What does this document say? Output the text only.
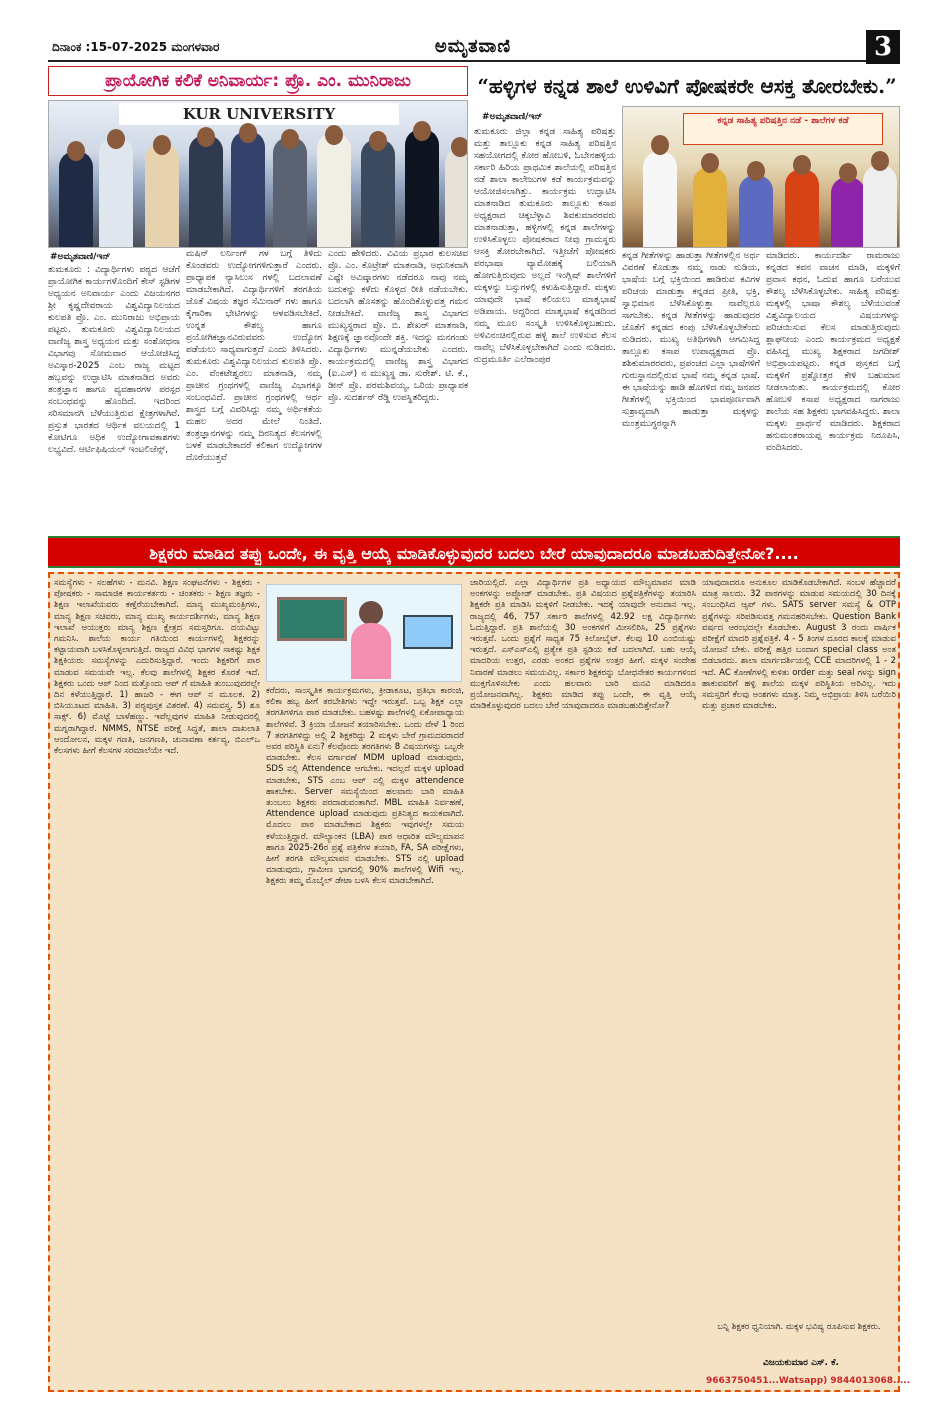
ದಿನಾಂಕ :15-07-2025 ಮಂಗಳವಾರ	ಅಮೃತವಾಣಿ	3
ಪ್ರಾಯೋಗಿಕ ಕಲಿಕೆ ಅನಿವಾರ್ಯ: ಪ್ರೊ. ಎಂ. ಮುನಿರಾಜು
KUR UNIVERSITY
#ಅಮೃತವಾಣಿ/ಇನ್
ತುಮಕೂರು : ವಿದ್ಯಾರ್ಥಿಗಳು ಪಠ್ಯದ ಆಚೆಗೆ ಪ್ರಾಯೋಗಿಕ ಕಾರ್ಯಗಳೊಂದಿಗೆ ಕೇಸ್ ಸ್ಟಡಿಗಳ ಅಧ್ಯಯನ ಅನಿವಾರ್ಯ ಎಂದು ವಿಜಯನಗರ ಶ್ರೀ ಕೃಷ್ಣದೇವರಾಯ ವಿಶ್ವವಿದ್ಯಾನಿಲಯದ ಕುಲಪತಿ ಪ್ರೊ. ಎಂ. ಮುನಿರಾಜು ಅಭಿಪ್ರಾಯ ಪಟ್ಟರು. ತುಮಕೂರು ವಿಶ್ವವಿದ್ಯಾನಿಲಯದ ವಾಣಿಜ್ಯ ಶಾಸ್ತ್ರ ಅಧ್ಯಯನ ಮತ್ತು ಸಂಶೋಧನಾ ವಿಭಾಗವು ಸೋಮವಾರ ಆಯೋಜಿಸಿದ್ದ ಅವಿಸ್ಕಾರ-2025 ಎಂಬ ರಾಜ್ಯ ಮಟ್ಟದ ಹಬ್ಬವನ್ನು ಉದ್ಘಾಟಿಸಿ ಮಾತನಾಡಿದ ಅವರು ತಂತ್ರಜ್ಞಾನ ಹಾಗೂ ವ್ಯವಹಾರಗಳ ಪರಸ್ಪರ ಸಂಬಂಧವನ್ನು ಹೊಂದಿದೆ. ಇದರಿಂದ ಸರಿಸಮಾನಗಿ ಬೆಳೆಯುತ್ತಿರುವ ಕ್ಷೇತ್ರಗಳಾಗಿವೆ. ಪ್ರಸ್ತುತ ಭಾರತದ ಆರ್ಥಿಕ ವಲಯದಲ್ಲಿ 1 ಕೋಟಿಗೂ ಅಧಿಕ ಉದ್ಯೋಗಾವಕಾಶಗಳು ಲಭ್ಯವಿದೆ. ಆರ್ಟಿಫಿಷಿಯಲ್ ಇಂಟಲಿಜೆನ್ಸ್,
ಮಷಿನ್ ಲರ್ನಿಂಗ್ ಗಳ ಬಗ್ಗೆ ತಿಳಿದು ಕೊಂಡವರು ಉದ್ಯೋಗಗಳಿಗುತ್ತಾರೆ ಎಂದರು. ಪ್ರಾಧ್ಯಾಪಕ ನ್ಯಾಸಿಲುಸ ಗಳಲ್ಲಿ ಬದಲಾವಣೆ ಮಾಡಬೇಕಾಗಿದೆ. ವಿದ್ಯಾರ್ಥಿಗಳಿಗೆ ತರಗತಿಯ ಜೊತೆ ವಿಷಯ ತಜ್ಞರ ಸೆಮಿನಾರ್ ಗಳು ಹಾಗೂ ಕೈಗಾರಿಕಾ ಭೇಟಿಗಳನ್ನು ಆಳವಡಿಸಬೇಕಿದೆ. ಉನ್ನತ ಕೌಶಲ್ಯ ಹಾಗೂ ಪ್ರಯೋಗಿಕಜ್ಞಾನವಿರುವವರು ಉದ್ಯೋಗ ಪಡೆಯಲು ಸಾಧ್ಯವಾಗುತ್ತದೆ ಎಂದು ತಿಳಿಸಿದರು. ತುಮಕೂರು ವಿಶ್ವವಿದ್ಯಾನಿಲಯದ ಕುಲಪತಿ ಪ್ರೊ. ಎಂ. ವೆಂಕಟೇಶ್ವರಲು ಮಾತನಾಡಿ, ನಮ್ಮ ಪ್ರಾಚೀನ ಗ್ರಂಥಗಳಲ್ಲಿ ವಾಣಿಜ್ಯ ವಿಭಾಗಕ್ಕೂ ಸಂಬಂಧವಿದೆ. ಪ್ರಾಚೀನ ಗ್ರಂಥಗಳಲ್ಲಿ ಆರ್ಥ ಶಾಸ್ತ್ರದ ಬಗ್ಗೆ ವಿವರಿಸಿದ್ದು ನಮ್ಮ ಅರ್ಥಿಕತೆಯ ಮಹಲ ಅದರ ಮೇಲೆ ನಿಂತಿದೆ. ತಂತ್ರಜ್ಞಾನಗಳನ್ನು ನಮ್ಮ ದಿನನಿತ್ಯದ ಕೆಲಸಗಳಲ್ಲಿ ಬಳಕೆ ಮಾಡಬೇಕಾದರೆ ಕಲಿಕಾಗ ಉದ್ಯೋಗಗಳ ದೊರೆಯುತ್ತವೆ
ಎಂದು ಹೇಳಿದರು. ವಿವಿಯ ಪ್ರಭಾರ ಕುಲಸಚಿವ ಪ್ರೊ. ಎಂ. ಕೊಟ್ರೇಶ್ ಮಾತನಾಡಿ, ಅಧುನಿಕವಾಗಿ ಎಷ್ಟೇ ಅವಿಷ್ಕಾರಗಳು ನಡೆದರೂ ನಾವು ನಮ್ಮ ಬದುಕನ್ನು ಕಳೆದು ಕೊಳ್ಳದ ರೀತಿ ನಡೆಯಬೇಕು. ಬದಲಾಗಿ ಹೊಸತನ್ನು ಹೊಂದಿಕೊಳ್ಳುವತ್ತ ಗಮನ ನೀಡಬೇಕಿದೆ. ವಾಣಿಜ್ಯ ಶಾಸ್ತ್ರ ವಿಭಾಗದ ಮುಖ್ಯಸ್ಥರಾದ ಪ್ರೊ. ಬಿ. ಶೇಖರ್ ಮಾತನಾಡಿ, ಶಿಕ್ಷಣಕ್ಕೆ ಜ್ಞಾನವೊಂದೇ ಶಕ್ತಿ. ಇದನ್ನು ಮನಗಂಡು ವಿದ್ಯಾರ್ಥಿಗಳು ಮುನ್ನಡೆಯಬೇಕು ಎಂದರು. ಕಾರ್ಯಕ್ರಮದಲ್ಲಿ ವಾಣಿಜ್ಯ ಶಾಸ್ತ್ರ ವಿಭಾಗದ (ಐ.ಎಸ್) ನ ಮುಖ್ಯಸ್ಥ ಡಾ. ಸುರೇಶ್. ಟಿ. ಕೆ., ಡೀನ್ ಪ್ರೊ. ಪರಮಶಿವಯ್ಯ, ಒರಿಯ ಪ್ರಾಧ್ಯಾಪಕ ಪ್ರೊ. ಸುದರ್ಶನ್ ರೆಡ್ಡಿ ಉಪಸ್ಥಿತರಿದ್ದರು.
“ಹಳ್ಳಿಗಳ ಕನ್ನಡ ಶಾಲೆ ಉಳಿವಿಗೆ ಪೋಷಕರೇ ಆಸಕ್ತ ತೋರಬೇಕು.”
#ಅಮೃತವಾಣಿ/ಇನ್
ತುಮಕೂರು ಜಿಲ್ಲಾ ಕನ್ನಡ ಸಾಹಿತ್ಯ ಪರಿಷತ್ತು ಮತ್ತು ತಾಲ್ಲೂಕು ಕನ್ನಡ ಸಾಹಿತ್ಯ ಪರಿಷತ್ತಿನ ಸಹಯೋಗದಲ್ಲಿ ಕೋರ ಹೋಬಳಿ, ಓಬೇನಹಳ್ಳಿಯ ಸರ್ಕಾರಿ ಹಿರಿಯ ಪ್ರಾಥಮಿಕ ಶಾಲೆಯಲ್ಲಿ ಪರಿಷತ್ತಿನ ನಡೆ ಶಾಲಾ ಕಾಲೇಜುಗಳ ಕಡೆ ಕಾರ್ಯಕ್ರಮವನ್ನು ಆಯೋಜಿಸಲಾಗಿತ್ತು. ಕಾರ್ಯಕ್ರಮ ಉದ್ಘಾಟಿಸಿ ಮಾತನಾಡಿದ ತುಮಕೂರು ತಾಲ್ಲೂಕು ಕಸಾಪ ಅಧ್ಯಕ್ಷರಾದ ಚಿಕ್ಕಬೆಳ್ಳಾವಿ ಶಿವಕುಮಾರರವರು ಮಾತನಾಡುತ್ತಾ, ಹಳ್ಳಿಗಳಲ್ಲಿ ಕನ್ನಡ ಶಾಲೆಗಳನ್ನು ಉಳಿಸಿಕೊಳ್ಳಲು ಪೋಷಕರಾದ ನೀವು ಗ್ರಾಮಸ್ಥರು ಆಸಕ್ತಿ ತೋರಬೇಕಾಗಿದೆ. ಇತ್ತೀಚೆಗೆ ಪೋಷಕರು ಪರಭಾಷಾ ವ್ಯಾಮೋಹಕ್ಕೆ ಬಲಿಯಾಗಿ ಹೋಗುತ್ತಿರುವುದು ಅಲ್ಲದೆ ಇಂಗ್ಲಿಷ್ ಶಾಲೆಗಳಿಗೆ ಮಕ್ಕಳನ್ನು ಬಸ್ಸುಗಳಲ್ಲಿ ಕಳುಹಿಸುತ್ತಿದ್ದಾರೆ. ಮಕ್ಕಳು ಯಾವುದೇ ಭಾಷೆ ಕಲಿಯಲು ಮಾತೃಭಾಷೆ ಅಡಿಪಾಯ. ಅದ್ದರಿಂದ ಮಾತೃಭಾಷೆ ಕನ್ನಡದಿಂದ ನಮ್ಮ ಮೂಲ ಸಂಸ್ಕೃತಿ ಉಳಿಸಿಕೊಳ್ಳಬಹುದು. ಅಳಿವಿನಂಚಿನಲ್ಲಿರುವ ಹಳ್ಳಿ ಶಾಲೆ ಉಳಿಸುವ ಕೆಲಸ ನಾವೆಲ್ಲ ಬೆಳೆಸಿಕೊಳ್ಳಬೇಕಾಗಿದೆ ಎಂದು ನುಡಿದರು. ರುದ್ರಮೂರ್ತಿ ಎಲೆರಾಂಪುರ
ಕನ್ನಡ ಸಾಹಿತ್ಯ ಪರಿಷತ್ತಿನ ನಡೆ - ಶಾಲೆಗಳ ಕಡೆ
ಕನ್ನಡ ಗೀತೆಗಳನ್ನು ಹಾಡುತ್ತಾ ಗೀತೆಗಳಲ್ಲಿನ ಅರ್ಥ ವಿವರಣೆ ಕೊಡುತ್ತಾ ನಮ್ಮ ನಾಡು ನುಡಿಯ, ಭಾಷೆಯ ಬಗ್ಗೆ ಭಕ್ತಿಯಿಂದ ಹಾಡಿರುವ ಕವಿಗಳ ಪರಿಚಯ ಮಾಡುತ್ತಾ ಕನ್ನಡದ ಪ್ರೀತಿ, ಭಕ್ತಿ, ಸ್ವಾಭಿಮಾನ ಬೆಳೆಸಿಕೊಳ್ಳುತ್ತಾ ನಾವೆಲ್ಲರೂ ಸಾಗಬೇಕು. ಕನ್ನಡ ಗೀತೆಗಳನ್ನು ಹಾಡುವುದರ ಜೊತೆಗೆ ಕನ್ನಡದ ಕಂಪು ಬೆಳೆಸಿಕೊಳ್ಳಬೇಕೆಂದು ನುಡಿದರು. ಮುಖ್ಯ ಅತಿಥಿಗಳಾಗಿ ಆಗಮಿಸಿದ್ದ ತಾಲ್ಲೂಕು ಕಸಾಪ ಉಪಾಧ್ಯಕ್ಷರಾದ ಪ್ರೊ. ಶಶಿಕುಮಾರರವರು, ಪ್ರಪಂಚದ ಎಲ್ಲಾ ಭಾಷೆಗಳಿಗೆ ಗುರುಸ್ಥಾನದಲ್ಲಿರುವ ಭಾಷೆ ನಮ್ಮ ಕನ್ನಡ ಭಾಷೆ. ಈ ಭಾಷೆಯನ್ನು ಹಾಡಿ ಹೊಗಳಿದ ನಮ್ಮ ಜನಪದ ಗೀತೆಗಳಲ್ಲಿ ಭಕ್ತಿಯಿಂದ ಭಾವಪೂರ್ಣವಾಗಿ ಸುಶ್ರಾವ್ಯವಾಗಿ ಹಾಡುತ್ತಾ ಮಕ್ಕಳನ್ನು ಮಂತ್ರಮುಗ್ಧರನ್ನಾಗಿ
ಮಾಡಿದರು. ಕಾರ್ಯದರ್ಶಿ ರಾಮರಾಜು ಕನ್ನಡದ ಕವನ ವಾಚನ ಮಾಡಿ, ಮಕ್ಕಳಿಗೆ ಪ್ರವಾಸ ಕಥನ, ಓದುವ ಹಾಗೂ ಬರೆಯುವ ಕೌಶಲ್ಯ ಬೆಳೆಸಿಕೊಳ್ಳಬೇಕು. ಸಾಹಿತ್ಯ ಪರಿಷತ್ತು ಮಕ್ಕಳಲ್ಲಿ ಭಾಷಾ ಕೌಶಲ್ಯ ಬೆಳೆಯುವಂತೆ ವಿಶ್ವವಿದ್ಯಾಲಯದ ವಿಷಯಗಳನ್ನು ಪರಿಚಯಿಸುವ ಕೆಲಸ ಮಾಡುತ್ತಿರುವುದು ಶ್ಲಾಘನೀಯ ಎಂದು ಕಾರ್ಯಕ್ರಮದ ಅಧ್ಯಕ್ಷತೆ ವಹಿಸಿದ್ದ ಮುಖ್ಯ ಶಿಕ್ಷಕರಾದ ಜಗದೀಶ್ ಅಭಿಪ್ರಾಯಪಟ್ಟರು. ಕನ್ನಡ ಪುಸ್ತಕದ ಬಗ್ಗೆ ಮಕ್ಕಳಿಗೆ ಪ್ರಶ್ನೋತ್ತರ ಕೇಳಿ ಬಹುಮಾನ ನೀಡಲಾಯಿತು. ಕಾರ್ಯಕ್ರಮದಲ್ಲಿ ಕೋರ ಹೋಬಳಿ ಕಸಾಪ ಅಧ್ಯಕ್ಷರಾದ ನಾಗರಾಜು ಶಾಲೆಯ ಸಹ ಶಿಕ್ಷಕರು ಭಾಗವಹಿಸಿದ್ದರು. ಶಾಲಾ ಮಕ್ಕಳು ಪ್ರಾರ್ಥನೆ ಮಾಡಿದರು. ಶಿಕ್ಷಕರಾದ ಹನುಮಂತರಾಯಪ್ಪ ಕಾರ್ಯಕ್ರಮ ನಿರೂಪಿಸಿ, ವಂದಿಸಿದರು.
ಶಿಕ್ಷಕರು ಮಾಡಿದ ತಪ್ಪು ಒಂದೇ, ಈ ವೃತ್ತಿ ಆಯ್ಕೆ ಮಾಡಿಕೊಳ್ಳುವುದರ ಬದಲು ಬೇರೆ ಯಾವುದಾದರೂ ಮಾಡಬಹುದಿತ್ತೇನೋ?....
ಸಮಸ್ಯೆಗಳು - ಸಲಹೆಗಳು - ಮನವಿ. ಶಿಕ್ಷಣ ಸಂಘಟನೆಗಳು - ಶಿಕ್ಷಕರು - ಪೋಷಕರು - ಸಾಮಾಜಿಕ ಕಾರ್ಯಕರ್ತರು - ಚಿಂತಕರು - ಶಿಕ್ಷಣ ತಜ್ಞರು - ಶಿಕ್ಷಣ ಇಲಾಖೆಯವರು ಕಣ್ತೆರೆಯಬೇಕಾಗಿದೆ. ಮಾನ್ಯ ಮುಖ್ಯಮಂತ್ರಿಗಳು, ಮಾನ್ಯ ಶಿಕ್ಷಣ ಸಚಿವರು, ಮಾನ್ಯ ಮುಖ್ಯ ಕಾರ್ಯದರ್ಶಿಗಳು, ಮಾನ್ಯ ಶಿಕ್ಷಣ ಇಲಾಖೆ ಆಯುಕ್ತರು ಮಾನ್ಯ ಶಿಕ್ಷಣ ಕ್ಷೇತ್ರದ ಸಮಸ್ತರಿಗೂ. ದಯವಿಟ್ಟು ಗಮನಿಸಿ. ಶಾಲೆಯ ಕಾರ್ಯ ಗತಿಯಿಂದ ಕಾರ್ಯಗಳಲ್ಲಿ ಶಿಕ್ಷಕರನ್ನು ಕಟ್ಟಾಯವಾಗಿ ಬಳಸಿಕೊಳ್ಳಲಾಗುತ್ತಿದೆ. ರಾಜ್ಯದ ವಿವಿಧ ಭಾಗಗಳ ಸಾಕಷ್ಟು ಶಿಕ್ಷಕ ಶಿಕ್ಷಕಿಯರು ಸಮಸ್ಯೆಗಳನ್ನು ಎದುರಿಸುತ್ತಿದ್ದಾರೆ. ಇಂದು ಶಿಕ್ಷಕರಿಗೆ ಪಾಠ ಮಾಡುವ ಸಮಯವೇ ಇಲ್ಲ. ಕೆಲವು ಶಾಲೆಗಳಲ್ಲಿ ಶಿಕ್ಷಕರ ಕೊರತೆ ಇದೆ. ಶಿಕ್ಷಕರು ಒಂದು ಆಪ್ ನಿಂದ ಮತ್ತೊಂದು ಆಪ್ ಗೆ ಮಾಹಿತಿ ತುಂಬುವುದರಲ್ಲೇ ದಿನ ಕಳೆಯುತ್ತಿದ್ದಾರೆ. 1) ಹಾಜರಿ - ಈಗ ಆಪ್ ನ ಮೂಲಕ. 2) ಬಿಸಿಯೂಟದ ಮಾಹಿತಿ. 3) ಪಠ್ಯಪುಸ್ತಕ ವಿತರಣೆ. 4) ಸಮವಸ್ತ್ರ. 5) ಶೂ ಸಾಕ್ಸ್. 6) ಮೊಟ್ಟೆ ಬಾಳೆಹಣ್ಣು. ಇವೆಲ್ಲವುಗಳ ಮಾಹಿತಿ ನೀಡುವುದರಲ್ಲಿ ಮಗ್ನರಾಗಿದ್ದಾರೆ. NMMS, NTSE ಪರೀಕ್ಷೆ ಸಿದ್ಧತೆ, ಶಾಲಾ ದಾಖಲಾತಿ ಆಂದೋಲನ, ಮಕ್ಕಳ ಗಣತಿ, ಜನಗಣತಿ, ಚುನಾವಣಾ ಕರ್ತವ್ಯ, ಬಿಎಲ್ಒ ಕೆಲಸಗಳು ಹೀಗೆ ಕೆಲಸಗಳ ಸರಮಾಲೆಯೇ ಇದೆ.
ಕರೆದರು, ಸಾಂಸ್ಕೃತಿಕ ಕಾರ್ಯಕ್ರಮಗಳು, ಕ್ರೀಡಾಕೂಟ, ಪ್ರತಿಭಾ ಕಾರಂಜಿ, ಕಲಿಕಾ ಹಬ್ಬ ಹೀಗೆ ತರಬೇತಿಗಳು ಇದ್ದೇ ಇರುತ್ತವೆ. ಒಬ್ಬ ಶಿಕ್ಷಕ ಎಲ್ಲಾ ತರಗತಿಗಳಿಗೂ ಪಾಠ ಮಾಡಬೇಕು. ಬಹಳಷ್ಟು ಶಾಲೆಗಳಲ್ಲಿ ಏಕೋಪಾಧ್ಯಾಯ ಶಾಲೆಗಳಿವೆ. 3 ಕ್ರಿಯಾ ಯೋಜನೆ ತಯಾರಿಸಬೇಕು. ಒಂದು ವೇಳೆ 1 ರಿಂದ 7 ತರಗತಿಗಳಿದ್ದು ಅಲ್ಲಿ 2 ಶಿಕ್ಷಕರಿದ್ದು 2 ಮಕ್ಕಳು ಬೇರೆ ಗ್ರಾಮದವರಾದರೆ ಅವರ ಪರಿಸ್ಥಿತಿ ಏನು? ಕೆಲವೊಂದು ತರಗತಿಗಳು 8 ವಿಷಯಗಳನ್ನು ಒಬ್ಬರೇ ಮಾಡಬೇಕು. ಕೆಲಸ ವರ್ಗಾವಣೆ MDM upload ಮಾಡುವುದು, SDS ನಲ್ಲಿ Attendence ಆಗಬೇಕು. ಇದಲ್ಲದೆ ಮಕ್ಕಳ upload ಮಾಡಬೇಕು, STS ಎಂಬ ಆಪ್ ನಲ್ಲಿ ಮಕ್ಕಳ attendence ಹಾಕಬೇಕು. Server ಸಮಸ್ಯೆಯಿಂದ ಹಲವಾರು ಬಾರಿ ಮಾಹಿತಿ ತುಂಬಲು ಶಿಕ್ಷಕರು ಪರದಾಡುವಂತಾಗಿದೆ. MBL ಮಾಹಿತಿ ನಿರ್ವಹಣೆ, Attendence upload ಮಾಡುವುದು ಪ್ರತಿನಿತ್ಯದ ಕಾಯಕವಾಗಿದೆ. ಮೊದಲು ಪಾಠ ಮಾಡಬೇಕಾದ ಶಿಕ್ಷಕರು ಇವುಗಳಲ್ಲೇ ಸಮಯ ಕಳೆಯುತ್ತಿದ್ದಾರೆ. ಮೌಲ್ಯಾಂಕನ (LBA) ಪಾಠ ಆಧಾರಿತ ಮೌಲ್ಯಮಾಪನ ಹಾಗೂ 2025-26ರ ಪ್ರಶ್ನೆ ಪತ್ರಿಕೆಗಳ ತಯಾರಿ, FA, SA ಪರೀಕ್ಷೆಗಳು, ಹೀಗೆ ತರಗತಿ ಮೌಲ್ಯಮಾಪನ ಮಾಡಬೇಕು. STS ನಲ್ಲಿ upload ಮಾಡುವುದು, ಗ್ರಾಮೀಣ ಭಾಗದಲ್ಲಿ 90% ಶಾಲೆಗಳಲ್ಲಿ Wifi ಇಲ್ಲ. ಶಿಕ್ಷಕರು ತಮ್ಮ ಮೊಬೈಲ್ ಡೇಟಾ ಬಳಸಿ ಕೆಲಸ ಮಾಡಬೇಕಾಗಿದೆ.
ಜಾರಿಯಲ್ಲಿದೆ. ಎಲ್ಲಾ ವಿದ್ಯಾರ್ಥಿಗಳ ಪ್ರತಿ ಅಧ್ಯಾಯದ ಮೌಲ್ಯಮಾಪನ ಮಾಡಿ ಅಂಕಗಳನ್ನು ಅಪ್ಲೋಡ್ ಮಾಡಬೇಕು. ಪ್ರತಿ ವಿಷಯದ ಪ್ರಶ್ನೆಪತ್ರಿಕೆಗಳನ್ನು ತಯಾರಿಸಿ ಶಿಕ್ಷಕರೇ ಪ್ರತಿ ಮಾಡಿಸಿ ಮಕ್ಕಳಿಗೆ ನೀಡಬೇಕು. ಇದಕ್ಕೆ ಯಾವುದೇ ಅನುದಾನ ಇಲ್ಲ. ರಾಜ್ಯದಲ್ಲಿ 46, 757 ಸರ್ಕಾರಿ ಶಾಲೆಗಳಲ್ಲಿ 42.92 ಲಕ್ಷ ವಿದ್ಯಾರ್ಥಿಗಳು ಓದುತ್ತಿದ್ದಾರೆ. ಪ್ರತಿ ಶಾಲೆಯಲ್ಲಿ 30 ಅಂಕಗಳಿಗೆ ಮೀಸಲಿರಿಸಿ, 25 ಪ್ರಶ್ನೆಗಳು ಇರುತ್ತವೆ. ಒಂದು ಪ್ರಶ್ನೆಗೆ ಸಾಧ್ಯತ 75 ಕಿಲೋಬೈಟ್. ಕೆಲವು 10 ಎಂಬಿಯಷ್ಟು ಇರುತ್ತದೆ. ಎಸ್ಎಸ್ಎಲ್ಸಿ ಪ್ರತ್ಯೇಕ ಪ್ರತಿ ಸ್ಟಡಿಯ ಕಡೆ ಬದಲಾಗಿದೆ. ಬಹು ಆಯ್ಕೆ ಮಾದರಿಯ ಉತ್ತರ, ಎರಡು ಅಂಕದ ಪ್ರಶ್ನೆಗಳ ಉತ್ತರ ಹೀಗೆ. ಮಕ್ಕಳ ಸಂದೇಹ ನಿವಾರಣೆ ಮಾಡಲು ಸಮಯವಿಲ್ಲ. ಸರ್ಕಾರ ಶಿಕ್ಷಕರನ್ನು ಬೋಧನೇತರ ಕಾರ್ಯಗಳಿಂದ ಮುಕ್ತಗೊಳಿಸಬೇಕು ಎಂದು ಹಲವಾರು ಬಾರಿ ಮನವಿ ಮಾಡಿದರೂ ಪ್ರಯೋಜನವಾಗಿಲ್ಲ. ಶಿಕ್ಷಕರು ಮಾಡಿದ ತಪ್ಪು ಒಂದೇ, ಈ ವೃತ್ತಿ ಆಯ್ಕೆ ಮಾಡಿಕೊಳ್ಳುವುದರ ಬದಲು ಬೇರೆ ಯಾವುದಾದರೂ ಮಾಡಬಹುದಿತ್ತೇನೋ?
ಯಾವುದಾದರೂ ಅನುಕೂಲ ಮಾಡಿಕೊಡಬೇಕಾಗಿದೆ. ಸಂಬಳ ಹೆಚ್ಚಾದರೆ ಮಾತ್ರ ಸಾಲದು. 32 ಪಾಠಗಳನ್ನು ಮಾಡುವ ಸಮಯದಲ್ಲಿ 30 ದಿನಕ್ಕೆ ಸಂಬಂಧಿಸಿದ ಆ್ಯಪ್ ಗಳು. SATS server ಸಮಸ್ಯೆ & OTP ಪ್ರಶ್ನೆಗಳನ್ನು ಸರಿಪಡಿಸುವತ್ತ ಗಮನಹರಿಸಬೇಕು. Question Bank ವರ್ಷದ ಆರಂಭದಲ್ಲೇ ಕೊಡಬೇಕು. August 3 ರಂದು ವಾರ್ಷಿಕ ಪರೀಕ್ಷೆಗೆ ಮಾದರಿ ಪ್ರಶ್ನೆಪತ್ರಿಕೆ. 4 - 5 ತಿಂಗಳ ದೂರದ ಕಾಲಕ್ಕೆ ಮಾಡುವ ಯೋಜನೆ ಬೇಕು. ಪರೀಕ್ಷೆ ಹತ್ತಿರ ಬಂದಾಗ special class ಅಂತ ಬಿಡಬಾರದು. ಶಾಲಾ ಮಾರ್ಗದರ್ಶಿಯಲ್ಲಿ CCE ಮಾದರಿಗಳಲ್ಲಿ 1 - 2 ಇದೆ. AC ಕೋಣೆಗಳಲ್ಲಿ ಕುಳಿತು order ಮತ್ತು seal ಗಳನ್ನು sign ಹಾಕುವವರಿಗೆ ಹಳ್ಳಿ ಶಾಲೆಯ ಮಕ್ಕಳ ಪರಿಸ್ಥಿತಿಯ ಅರಿವಿಲ್ಲ. ಇದು ಸಮಸ್ತರಿಗೆ ಕೆಲವು ಅಂಶಗಳು ಮಾತ್ರ. ನಿಮ್ಮ ಅಭಿಪ್ರಾಯ ತಿಳಿಸಿ ಬರೆಯಿರಿ ಮತ್ತು ಪ್ರಚಾರ ಮಾಡಬೇಕು.
ಬನ್ನಿ ಶಿಕ್ಷಕರ ಧ್ವನಿಯಾಗಿ. ಮಕ್ಕಳ ಭವಿಷ್ಯ ರೂಪಿಸುವ ಶಿಕ್ಷಕರು.
ವಿಜಯಕುಮಾರ ಎಸ್. ಕೆ.
9663750451...Watsapp) 9844013068.....
